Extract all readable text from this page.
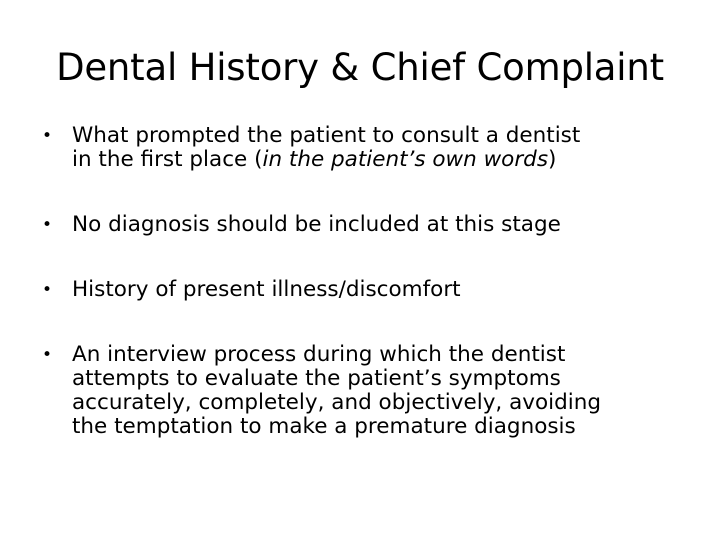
Dental History & Chief Complaint
• What prompted the patient to consult a dentist
in the first place (in the patient’s own words)
• No diagnosis should be included at this stage
• History of present illness/discomfort
• An interview process during which the dentist
attempts to evaluate the patient’s symptoms
accurately, completely, and objectively, avoiding
the temptation to make a premature diagnosis
